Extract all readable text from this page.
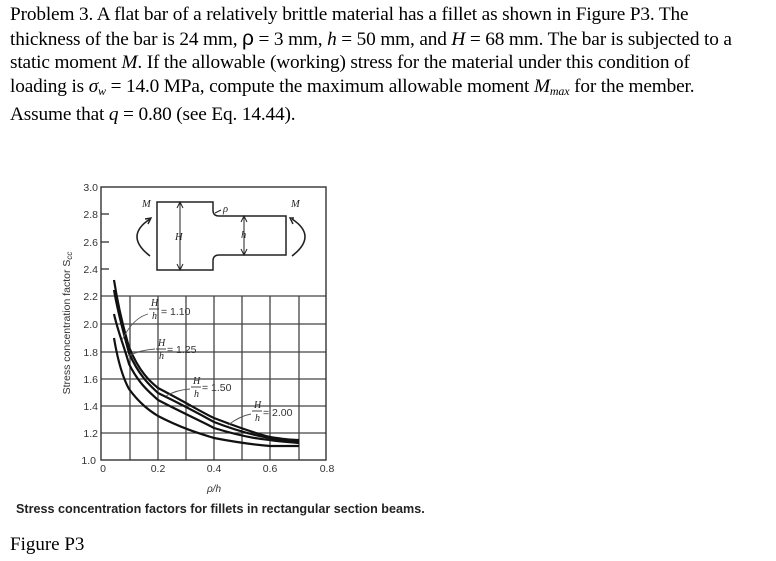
Problem 3. A flat bar of a relatively brittle material has a fillet as shown in Figure P3. The
thickness of the bar is 24 mm, ρ = 3 mm, h = 50 mm, and H = 68 mm. The bar is subjected to a
static moment M. If the allowable (working) stress for the material under this condition of
loading is $\sigma_w = 14.0$ MPa, compute the maximum allowable moment $M_{max}$ for the member.
Assume that q = 0.80 (see Eq. 14.44).
3.0
2.8
2.6
2.4
2.2
2.0
1.8
1.6
1.4
1.2
1.0
0	0.2	0.4	0.6	0.8
ρ/h
Stress concentration factor Scc
M	M
H	h
ρ
H
h = 1.10
H
h
= 1.25
H
h
= 1.50
H
h = 2.00
Stress concentration factors for fillets in rectangular section beams.
Figure P3
